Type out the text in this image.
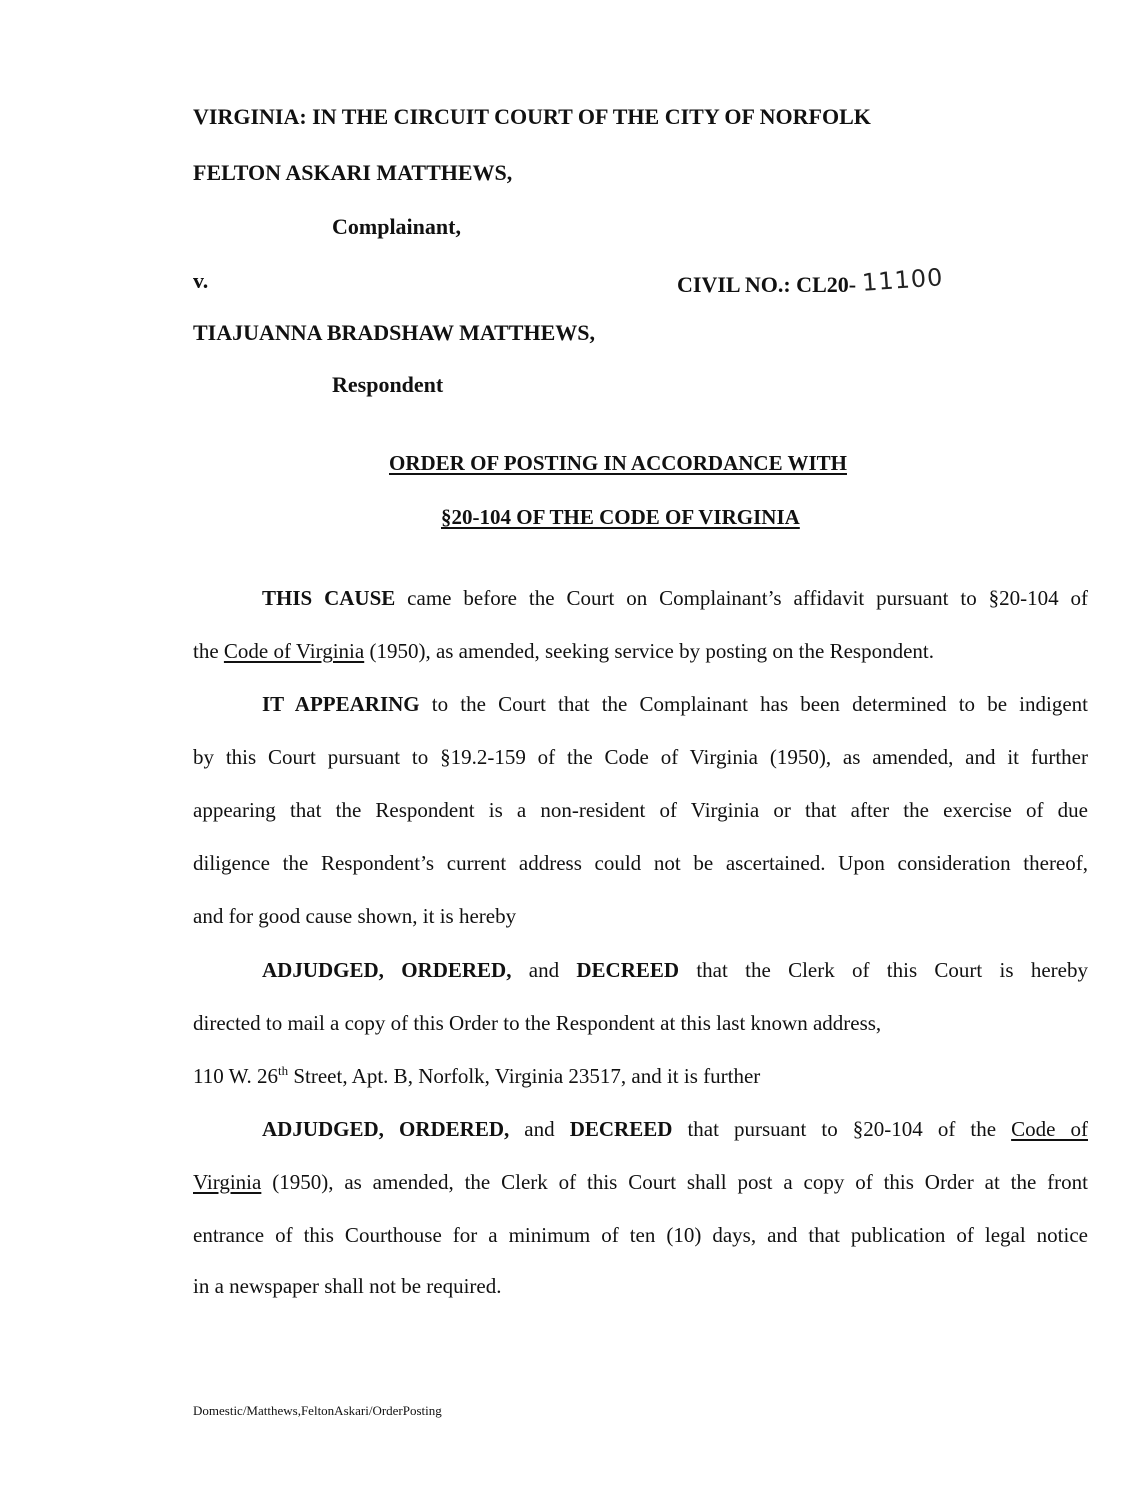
VIRGINIA: IN THE CIRCUIT COURT OF THE CITY OF NORFOLK
FELTON ASKARI MATTHEWS,
Complainant,
v.	CIVIL NO.: CL20- 11100
TIAJUANNA BRADSHAW MATTHEWS,
Respondent
ORDER OF POSTING IN ACCORDANCE WITH
§20-104 OF THE CODE OF VIRGINIA
THIS CAUSE came before the Court on Complainant’s affidavit pursuant to §20-104 of
the Code of Virginia (1950), as amended, seeking service by posting on the Respondent.
IT APPEARING to the Court that the Complainant has been determined to be indigent
by this Court pursuant to §19.2-159 of the Code of Virginia (1950), as amended, and it further
appearing that the Respondent is a non-resident of Virginia or that after the exercise of due
diligence the Respondent’s current address could not be ascertained. Upon consideration thereof,
and for good cause shown, it is hereby
ADJUDGED, ORDERED, and DECREED that the Clerk of this Court is hereby
directed to mail a copy of this Order to the Respondent at this last known address,
110 W. 26th Street, Apt. B, Norfolk, Virginia 23517, and it is further
ADJUDGED, ORDERED, and DECREED that pursuant to §20-104 of the Code of
Virginia (1950), as amended, the Clerk of this Court shall post a copy of this Order at the front
entrance of this Courthouse for a minimum of ten (10) days, and that publication of legal notice
in a newspaper shall not be required.
Domestic/Matthews,FeltonAskari/OrderPosting
